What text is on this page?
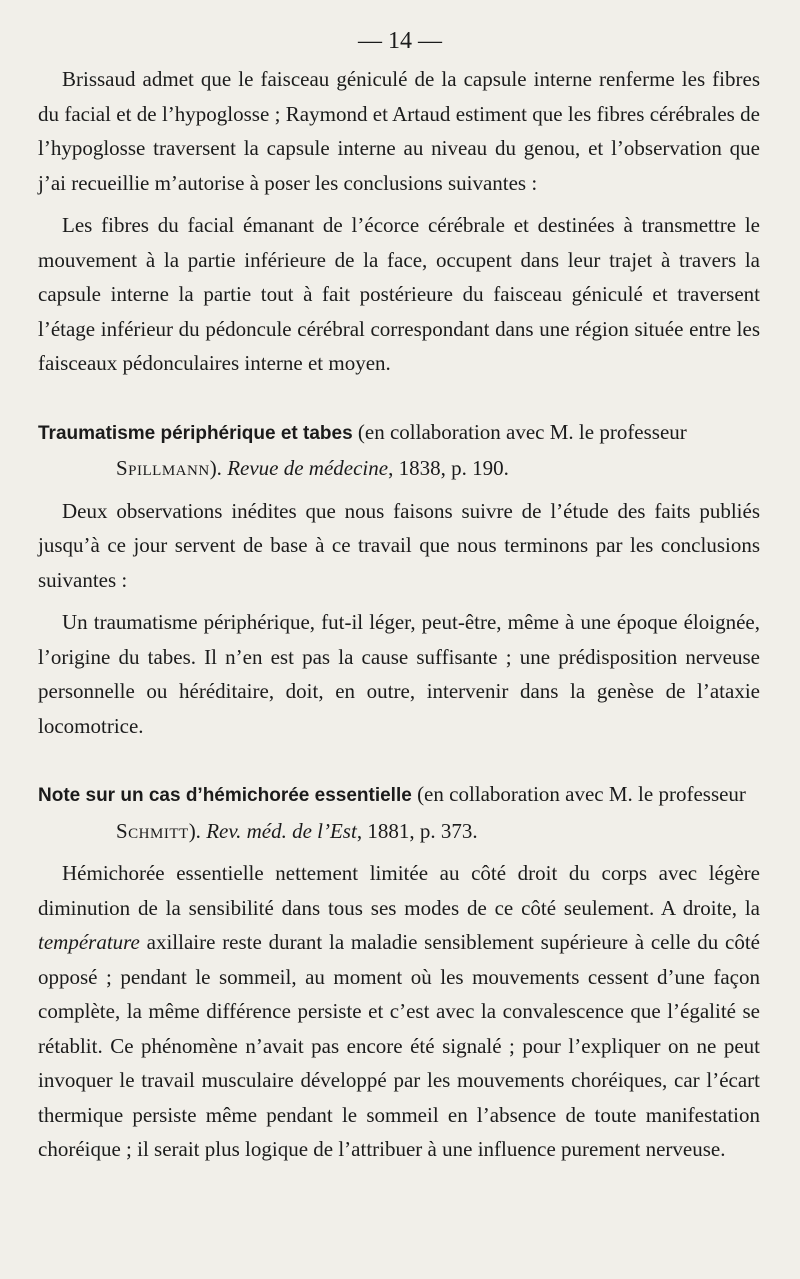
— 14 —

Brissaud admet que le faisceau géniculé de la capsule interne renferme les fibres du facial et de l’hypoglosse ; Raymond et Artaud estiment que les fibres cérébrales de l’hypoglosse traversent la capsule interne au niveau du genou, et l’observation que j’ai recueillie m’autorise à poser les conclusions suivantes :

Les fibres du facial émanant de l’écorce cérébrale et destinées à transmettre le mouvement à la partie inférieure de la face, occupent dans leur trajet à travers la capsule interne la partie tout à fait postérieure du faisceau géniculé et traversent l’étage inférieur du pédoncule cérébral correspondant dans une région située entre les faisceaux pédonculaires interne et moyen.

Traumatisme périphérique et tabes (en collaboration avec M. le professeur Spillmann). Revue de médecine, 1838, p. 190.

Deux observations inédites que nous faisons suivre de l’étude des faits publiés jusqu’à ce jour servent de base à ce travail que nous terminons par les conclusions suivantes :

Un traumatisme périphérique, fut-il léger, peut-être, même à une époque éloignée, l’origine du tabes. Il n’en est pas la cause suffisante ; une prédisposition nerveuse personnelle ou héréditaire, doit, en outre, intervenir dans la genèse de l’ataxie locomotrice.

Note sur un cas d’hémichorée essentielle (en collaboration avec M. le professeur Schmitt). Rev. méd. de l’Est, 1881, p. 373.

Hémichorée essentielle nettement limitée au côté droit du corps avec légère diminution de la sensibilité dans tous ses modes de ce côté seulement. A droite, la température axillaire reste durant la maladie sensiblement supérieure à celle du côté opposé ; pendant le sommeil, au moment où les mouvements cessent d’une façon complète, la même différence persiste et c’est avec la convalescence que l’égalité se rétablit. Ce phénomène n’avait pas encore été signalé ; pour l’expliquer on ne peut invoquer le travail musculaire développé par les mouvements choréiques, car l’écart thermique persiste même pendant le sommeil en l’absence de toute manifestation choréique ; il serait plus logique de l’attribuer à une influence purement nerveuse.
